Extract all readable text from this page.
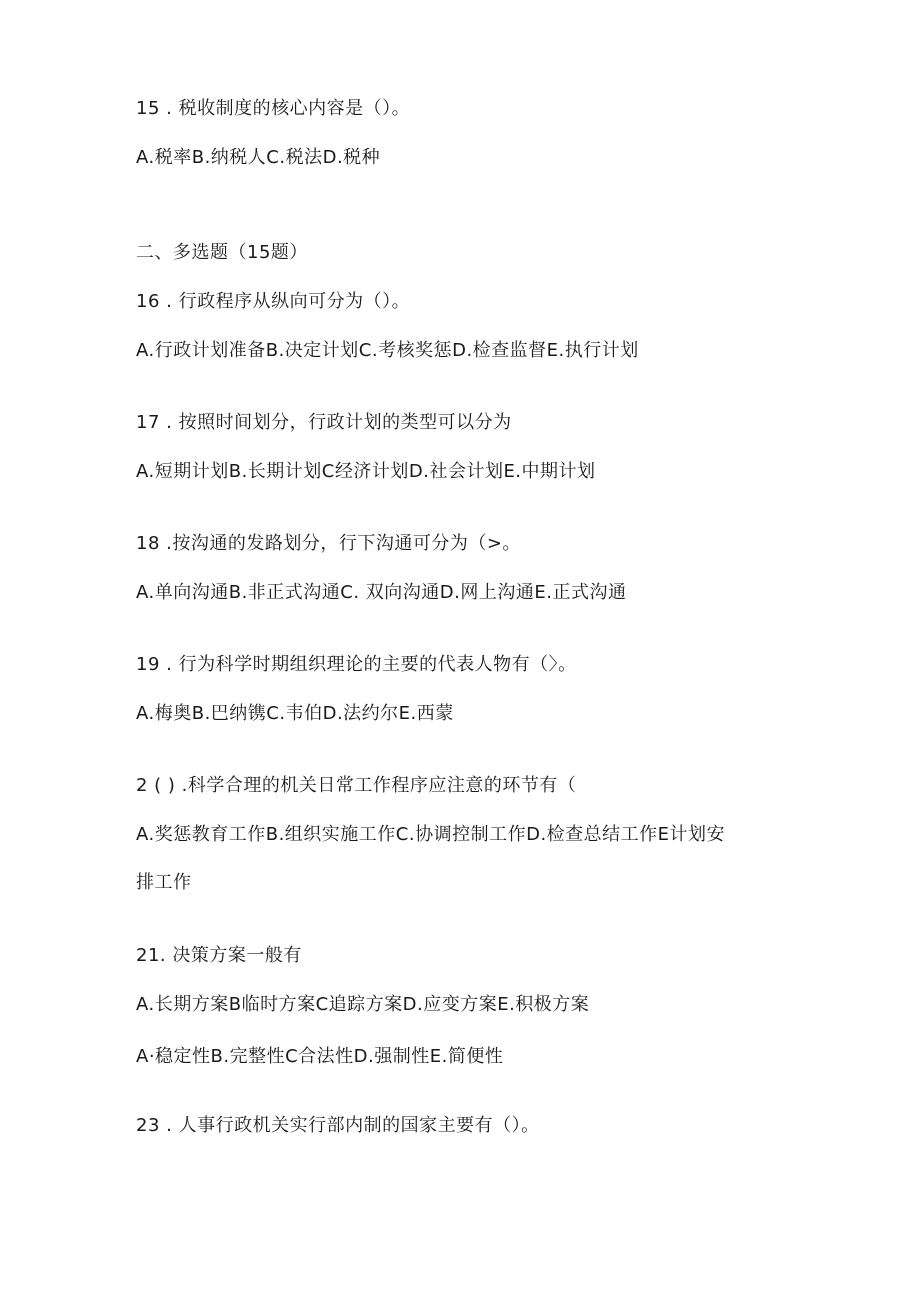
15 . 税收制度的核心内容是（）。
A.税率B.纳税人C.税法D.税种
二、多选题（15题）
16 . 行政程序从纵向可分为（）。
A.行政计划准备B.决定计划C.考核奖惩D.检查监督E.执行计划
17 . 按照时间划分，行政计划的类型可以分为
A.短期计划B.长期计划C经济计划D.社会计划E.中期计划
18 .按沟通的发路划分，行下沟通可分为（>。
A.单向沟通B.非正式沟通C. 双向沟通D.网上沟通E.正式沟通
19 . 行为科学时期组织理论的主要的代表人物有（〉。
A.梅奥B.巴纳镌C.韦伯D.法约尔E.西蒙
2 ( ) .科学合理的机关日常工作程序应注意的环节有（
A.奖惩教育工作B.组织实施工作C.协调控制工作D.检查总结工作E计划安
排工作
21. 决策方案一般有
A.长期方案B临时方案C追踪方案D.应变方案E.积极方案
A·稳定性B.完整性C合法性D.强制性E.简便性
23 . 人事行政机关实行部内制的国家主要有（）。
